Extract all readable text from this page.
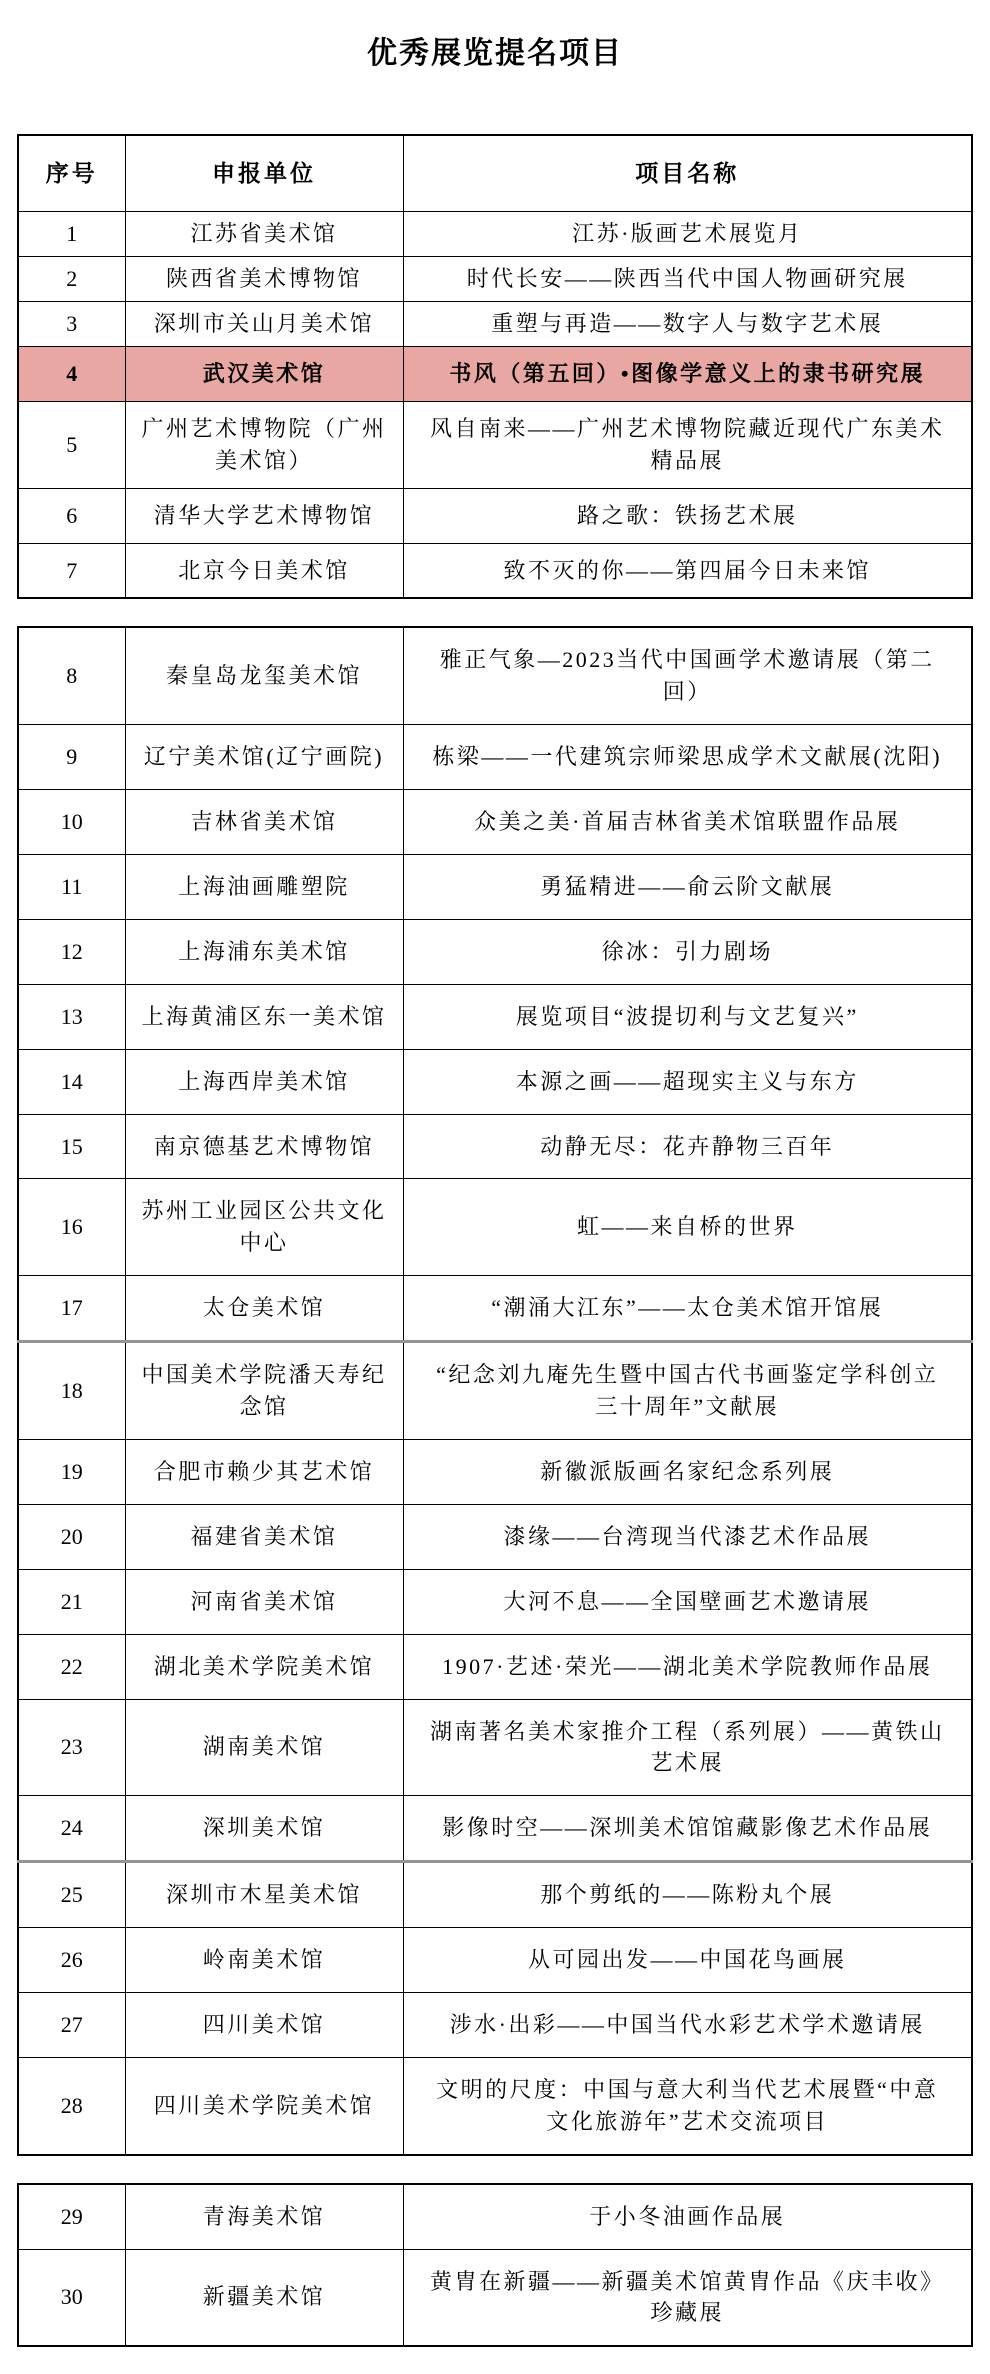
优秀展览提名项目
序号	申报单位	项目名称
1	江苏省美术馆	江苏·版画艺术展览月
2	陕西省美术博物馆	时代长安——陕西当代中国人物画研究展
3	深圳市关山月美术馆	重塑与再造——数字人与数字艺术展
4	武汉美术馆	书风（第五回）•图像学意义上的隶书研究展
5	广州艺术博物院（广州美术馆）	风自南来——广州艺术博物院藏近现代广东美术精品展
6	清华大学艺术博物馆	路之歌：铁扬艺术展
7	北京今日美术馆	致不灭的你——第四届今日未来馆
8	秦皇岛龙玺美术馆	雅正气象—2023当代中国画学术邀请展（第二回）
9	辽宁美术馆(辽宁画院)	栋梁——一代建筑宗师梁思成学术文献展(沈阳)
10	吉林省美术馆	众美之美·首届吉林省美术馆联盟作品展
11	上海油画雕塑院	勇猛精进——俞云阶文献展
12	上海浦东美术馆	徐冰：引力剧场
13	上海黄浦区东一美术馆	展览项目“波提切利与文艺复兴”
14	上海西岸美术馆	本源之画——超现实主义与东方
15	南京德基艺术博物馆	动静无尽：花卉静物三百年
16	苏州工业园区公共文化中心	虹——来自桥的世界
17	太仓美术馆	“潮涌大江东”——太仓美术馆开馆展
18	中国美术学院潘天寿纪念馆	“纪念刘九庵先生暨中国古代书画鉴定学科创立三十周年”文献展
19	合肥市赖少其艺术馆	新徽派版画名家纪念系列展
20	福建省美术馆	漆缘——台湾现当代漆艺术作品展
21	河南省美术馆	大河不息——全国壁画艺术邀请展
22	湖北美术学院美术馆	1907·艺述·荣光——湖北美术学院教师作品展
23	湖南美术馆	湖南著名美术家推介工程（系列展）——黄铁山艺术展
24	深圳美术馆	影像时空——深圳美术馆馆藏影像艺术作品展
25	深圳市木星美术馆	那个剪纸的——陈粉丸个展
26	岭南美术馆	从可园出发——中国花鸟画展
27	四川美术馆	涉水·出彩——中国当代水彩艺术学术邀请展
28	四川美术学院美术馆	文明的尺度：中国与意大利当代艺术展暨“中意文化旅游年”艺术交流项目
29	青海美术馆	于小冬油画作品展
30	新疆美术馆	黄胄在新疆——新疆美术馆黄胄作品《庆丰收》珍藏展
